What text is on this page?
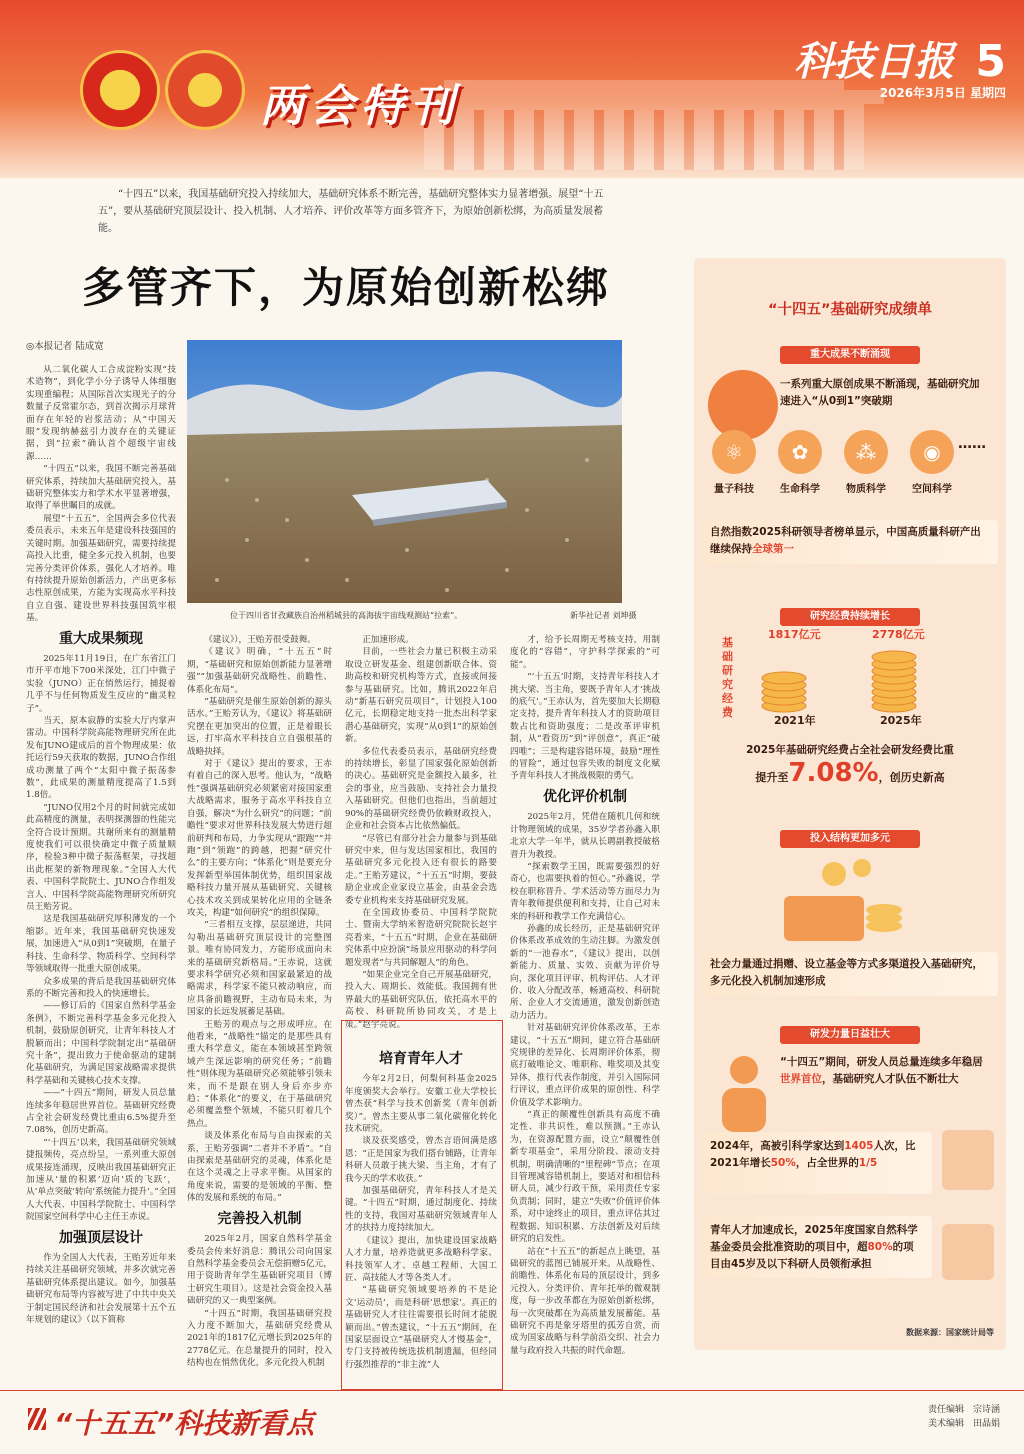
两会特刊
科技日报 5
2026年3月5日 星期四
“十四五”以来，我国基础研究投入持续加大，基础研究体系不断完善，基础研究整体实力显著增强。展望“十五五”，要从基础研究顶层设计、投入机制、人才培养、评价改革等方面多管齐下，为原始创新松绑，为高质量发展蓄能。
多管齐下，为原始创新松绑
◎本报记者 陆成宽
位于四川省甘孜藏族自治州稻城县的高海拔宇宙线观测站“拉索”。	新华社记者 刘坤摄

从二氧化碳人工合成淀粉实现“技术造物”，到化学小分子诱导人体细胞实现重编程；从国际首次实现光子的分数量子反常霍尔态，到首次揭示月球背面存在年轻的岩浆活动；从“中国天眼”发现纳赫兹引力波存在的关键证据，到“拉索”确认首个超级宇宙线源……

“十四五”以来，我国不断完善基础研究体系，持续加大基础研究投入，基础研究整体实力和学术水平显著增强，取得了举世瞩目的成就。

展望“十五五”，全国两会多位代表委员表示，未来五年是建设科技强国的关键时期。加强基础研究，需要持续提高投入比重，健全多元投入机制，也要完善分类评价体系，强化人才培养。唯有持续提升原始创新活力，产出更多标志性原创成果，方能为实现高水平科技自立自强、建设世界科技强国筑牢根基。

重大成果频现

2025年11月19日，在广东省江门市开平市地下700米深处，江门中微子实验（JUNO）正在悄然运行，捕捉着几乎不与任何物质发生反应的“幽灵粒子”。

当天，原本寂静的实验大厅内掌声雷动。中国科学院高能物理研究所在此发布JUNO建成后的首个物理成果：依托运行59天获取的数据，JUNO合作组成功测量了两个“太阳中微子振荡参数”，此成果的测量精度提高了1.5到1.8倍。

“JUNO仅用2个月的时间就完成如此高精度的测量，表明探测器的性能完全符合设计预期。共谢所来有的测量精度使我们可以很快确定中微子质量顺序，检验3种中微子振荡框架，寻找超出此框架的新物理现象。”全国人大代表、中国科学院院士、JUNO合作组发言人、中国科学院高能物理研究所研究员王贻芳说。

这是我国基础研究厚积薄发的一个缩影。近年来，我国基础研究快速发展，加速进入“从0到1”突破期，在量子科技、生命科学、物质科学、空间科学等领域取得一批重大原创成果。

众多成果的背后是我国基础研究体系的不断完善和投入的快速增长。

——修订后的《国家自然科学基金条例》，不断完善科学基金多元化投入机制，鼓励原创研究，让青年科技人才脱颖而出；中国科学院制定出“基础研究十条”，提出致力于使命驱动的建制化基础研究，为满足国家战略需求提供科学基础和关键核心技术支撑。

——“十四五”期间，研发人员总量连续多年稳居世界首位。基础研究经费占全社会研发经费比重由6.5%提升至7.08%，创历史新高。

“‘十四五’以来，我国基础研究领域捷报频传，亮点纷呈，一系列重大原创成果接连涌现，反映出我国基础研究正加速从‘量的积累’迈向‘质的飞跃’，从‘单点突破’转向‘系统能力提升’。”全国人大代表、中国科学院院士、中国科学院国家空间科学中心主任王赤说。

加强顶层设计

作为全国人大代表，王贻芳近年来持续关注基础研究领域，并多次就完善基础研究体系提出建议。如今，加强基础研究布局等内容被写进了中共中央关于制定国民经济和社会发展第十五个五年规划的建议》（以下简称

《建议》），王贻芳很受鼓舞。

《建议》明确，“十五五”时期，“基础研究和原始创新能力显著增强”“加强基础研究战略性、前瞻性、体系化布局”。

“基础研究是催生原始创新的源头活水。”王贻芳认为，《建议》将基础研究摆在更加突出的位置，正是着眼长远，打牢高水平科技自立自强根基的战略抉择。

对于《建议》提出的要求，王赤有着自己的深入思考。他认为，“战略性”强调基础研究必须紧密对接国家重大战略需求，服务于高水平科技自立自强，解决“为什么研究”的问题；“前瞻性”要求对世界科技发展大势进行超前研判和布局，力争实现从“跟跑”“并跑”到“领跑”的跨越，把握“研究什么”的主要方向；“体系化”则是要充分发挥新型举国体制优势，组织国家战略科技力量开展从基础研究、关键核心技术攻关到成果转化应用的全链条攻关，构建“如何研究”的组织保障。

“三者相互支撑，层层递进，共同勾勒出基础研究顶层设计的完整图景。唯有协同发力，方能形成面向未来的基础研究新格局。”王赤说，这就要求科学研究必须和国家最紧迫的战略需求，科学家不能只被动响应，而应具备前瞻视野，主动布局未来，为国家的长远发展蓄足基础。

王贻芳的观点与之形成呼应。在他看来，“战略性”锚定的是那些具有重大科学意义，能在本领域甚至跨领域产生深远影响的研究任务；“前瞻性”则体现为基础研究必须能够引领未来，而不是跟在别人身后亦步亦趋；“体系化”的要义，在于基础研究必须覆盖整个领域，不能只盯着几个热点。

谈及体系化布局与自由探索的关系，王贻芳强调“二者并不矛盾”。“自由探索是基础研究的灵魂，体系化是在这个灵魂之上寻求平衡。从国家的角度来说，需要的是领域的平衡、整体的发展和系统的布局。”

完善投入机制

2025年2月，国家自然科学基金委员会传来好消息：腾讯公司向国家自然科学基金委员会无偿捐赠5亿元，用于资助青年学生基础研究项目（博士研究生项目）。这是社会资金投入基础研究的又一典型案例。

“十四五”时期，我国基础研究投入力度不断加大，基础研究经费从2021年的1817亿元增长到2025年的2778亿元。在总量提升的同时，投入结构也在悄然优化，多元化投入机制

正加速形成。

目前，一些社会力量已积极主动采取设立研发基金、组建创新联合体、资助高校和研究机构等方式，直接或间接参与基础研究。比如，腾讯2022年启动“新基石研究员项目”，计划投入100亿元，长期稳定地支持一批杰出科学家潜心基础研究，实现“从0到1”的原始创新。

多位代表委员表示，基础研究经费的持续增长，彰显了国家强化原始创新的决心。基础研究是金额投入最多，社会的事业，应当鼓励、支持社会力量投入基础研究。但他们也指出，当前超过90%的基础研究经费仍依赖财政投入，企业和社会资本占比依然偏低。

“尽管已有部分社会力量参与到基础研究中来，但与发达国家相比，我国的基础研究多元化投入还有很长的路要走。”王贻芳建议，“十五五”时期，要鼓励企业或企业家设立基金，由基金会选委专业机构来支持基础研究发展。

在全国政协委员、中国科学院院士、暨南大学纳米智造研究院院长赵宇亮看来，“十五五”时期，企业在基础研究体系中应扮演“场景应用驱动的科学问题发现者”与共同解题人”的角色。

“如果企业完全自己开展基础研究，投入大、周期长、效能低。我国拥有世界最大的基础研究队伍，依托高水平的高校、科研院所协同攻关，才是上策。”赵宇亮说。

培育青年人才

今年2月2日，何梨何科基金2025年度颁奖大会举行。安徽工业大学校长曾杰获“科学与技术创新奖（青年创新奖）”。曾杰主要从事二氧化碳催化转化技术研究。

谈及获奖感受，曾杰言语间满是感恩：“正是国家为我们搭台铺路，让青年科研人员敢于挑大梁、当主角，才有了我今天的学术收获。”

加强基础研究，青年科技人才是关键。“十四五”时期，通过制度化、持续性的支持，我国对基础研究领域青年人才的扶持力度持续加大。

《建议》提出，加快建设国家战略人才力量，培养造就更多战略科学家、科技领军人才、卓越工程师、大国工匠、高技能人才等各类人才。

“基础研究领域要培养的不是论文‘运动员’，而是科研‘思想家’。真正的基础研究人才往往需要很长时间才能脱颖而出。”曾杰建议，“十五五”期间，在国家层面设立“基础研究人才慢基金”，专门支持被传统选拔机制遗漏，但经同行强烈推荐的“非主流”人

才，给予长周期无考核支持，用制度化的“容错”，守护科学探索的“可能”。

“‘十五五’时期，支持青年科技人才挑大梁、当主角，要既予青年人才‘挑战的底气’。”王赤认为，首先要加大长期稳定支持，提升青年科技人才的资助项目数占比和资助强度；二是改革评审机制，从“看资历”到“评创意”，真正“破四唯”；三是构建容错环境，鼓励“理性的冒险”，通过包容失败的制度文化赋予青年科技人才挑战极限的勇气。

优化评价机制

2025年2月，凭借在随机几何和统计物理领域的成果，35岁学者孙鑫入职北京大学一年半，就从长聘副教授破格晋升为教授。

“探索数学王国，既需要强烈的好奇心，也需要执着的恒心。”孙鑫说，学校在职称晋升、学术活动等方面尽力为青年教师提供便利和支持，让自己对未来的科研和教学工作充满信心。

孙鑫的成长经历，正是基础研究评价体系改革成效的生动注脚。为激发创新的“一池春水”，《建议》提出，以创新能力、质量、实效、贡献为评价导向，深化项目评审、机构评估、人才评价、收入分配改革，畅通高校、科研院所、企业人才交流通道，激发创新创造动力活力。

针对基础研究评价体系改革，王赤建议，“十五五”期间，建立符合基础研究规律的差异化、长周期评价体系，彻底打破唯论文、唯职称、唯奖项及其变异体，推行代表作制度，并引入国际同行评议，重点评价成果的原创性、科学价值及学术影响力。

“真正的颠覆性创新具有高度不确定性、非共识性，难以预测。”王赤认为，在资源配置方面，设立“颠覆性创新专项基金”，采用分阶段、滚动支持机制，明确清晰的“里程碑”节点；在项目管理减容错机制上，要适对和相信科研人员，减少行政干预，采用责任专家负责制；同时，建立“失败”价值评价体系，对中途终止的项目，重点评估其过程数据、知识积累、方法创新及对后续研究的启发性。

站在“十五五”的新起点上眺望，基础研究的蓝图已铺展开来。从战略性、前瞻性、体系化布局的顶层设计，到多元投入、分类评价、青年托举的微观制度，每一步改革都在为原始创新松绑，每一次突破都在为高质量发展蓄能。基础研究不再是象牙塔里的孤芳自赏，而成为国家战略与科学前沿交织、社会力量与政府投入共振的时代命题。

“十四五”基础研究成绩单
重大成果不断涌现
一系列重大原创成果不断涌现，基础研究加速进入“从0到1”突破期
⚛	✿	⁂	◉
量子科技	生命科学	物质科学	空间科学
……
自然指数2025科研领导者榜单显示，中国高质量科研产出继续保持全球第一
研究经费持续增长
基础研究经费
1817亿元	2778亿元
2021年	2025年
2025年基础研究经费占全社会研发经费比重
提升至7.08%，创历史新高
投入结构更加多元
社会力量通过捐赠、设立基金等方式多渠道投入基础研究，多元化投入机制加速形成
研发力量日益壮大
“十四五”期间，研发人员总量连续多年稳居世界首位，基础研究人才队伍不断壮大
2024年，高被引科学家达到1405人次，比2021年增长50%，占全世界的1/5
青年人才加速成长，2025年度国家自然科学基金委员会批准资助的项目中，超80%的项目由45岁及以下科研人员领衔承担
数据来源：国家统计局等
“十五五”科技新看点	责任编辑　宗诗涵
美术编辑　田晶娟
